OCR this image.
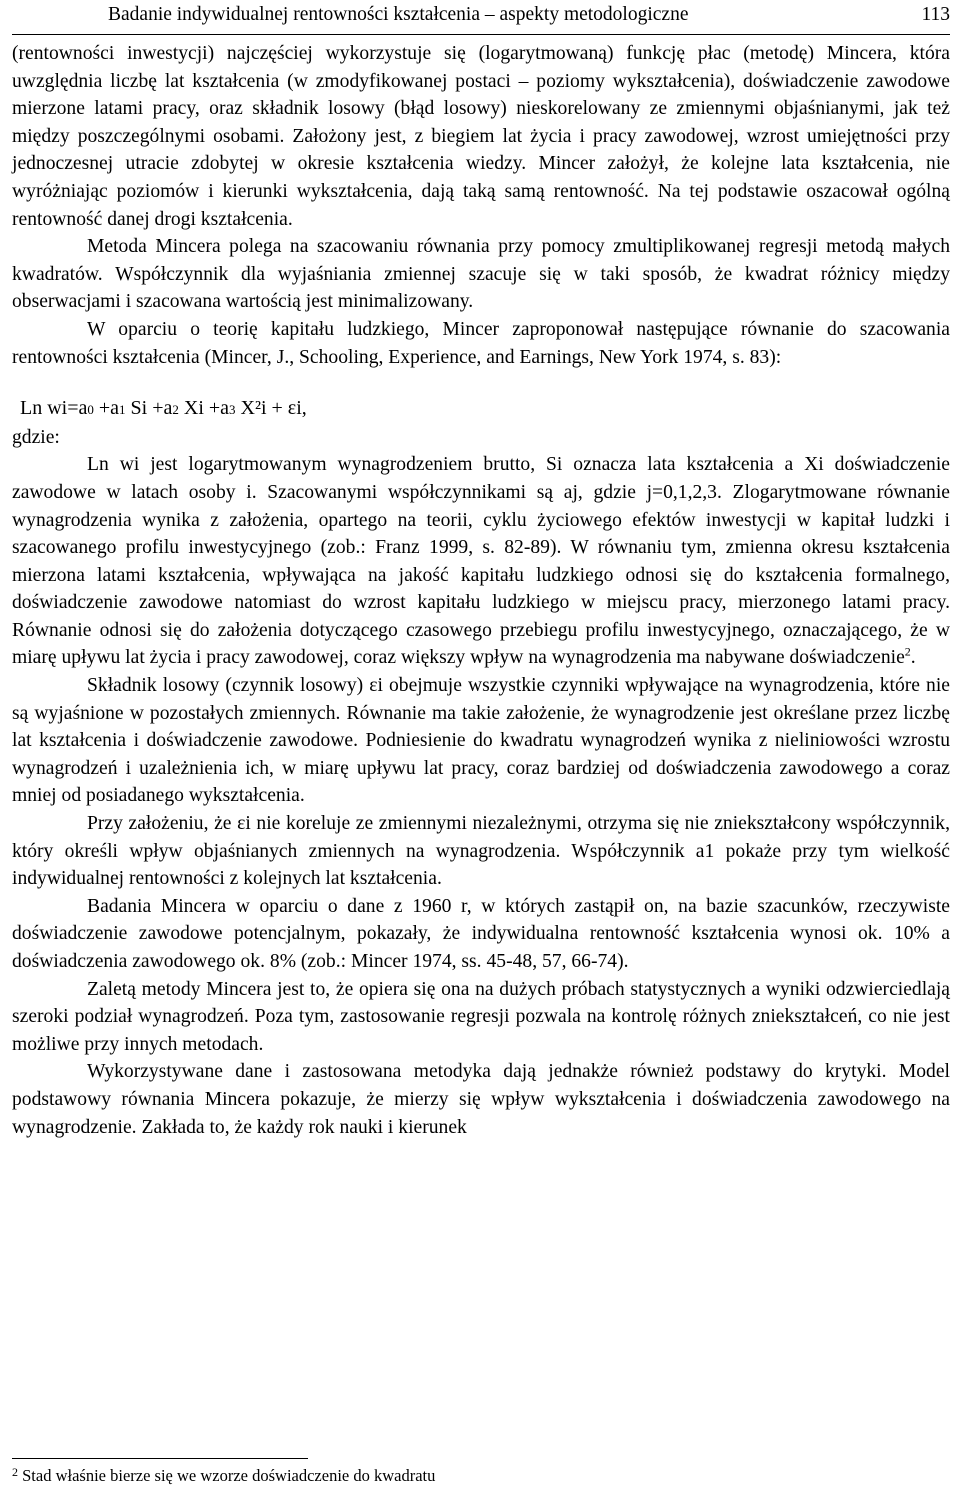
Badanie indywidualnej rentowności kształcenia – aspekty metodologiczne	113

(rentowności inwestycji) najczęściej wykorzystuje się (logarytmowaną) funkcję płac (metodę) Mincera, która uwzględnia liczbę lat kształcenia (w zmodyfikowanej postaci – poziomy wykształcenia), doświadczenie zawodowe mierzone latami pracy, oraz składnik losowy (błąd losowy) nieskorelowany ze zmiennymi objaśnianymi, jak też między poszczególnymi osobami. Założony jest, z biegiem lat życia i pracy zawodowej, wzrost umiejętności przy jednoczesnej utracie zdobytej w okresie kształcenia wiedzy. Mincer założył, że kolejne lata kształcenia, nie wyróżniając poziomów i kierunki wykształcenia, dają taką samą rentowność. Na tej podstawie oszacował ogólną rentowność danej drogi kształcenia.

Metoda Mincera polega na szacowaniu równania przy pomocy zmultiplikowanej regresji metodą małych kwadratów. Współczynnik dla wyjaśniania zmiennej szacuje się w taki sposób, że kwadrat różnicy między obserwacjami i szacowana wartością jest minimalizowany.

W oparciu o teorię kapitału ludzkiego, Mincer zaproponował następujące równanie do szacowania rentowności kształcenia (Mincer, J., Schooling, Experience, and Earnings, New York 1974, s. 83):

Ln wi=a0 +a1 Si +a2 Xi +a3 X²i + εi,

gdzie:

Ln wi jest logarytmowanym wynagrodzeniem brutto, Si oznacza lata kształcenia a Xi doświadczenie zawodowe w latach osoby i. Szacowanymi współczynnikami są aj, gdzie j=0,1,2,3. Zlogarytmowane równanie wynagrodzenia wynika z założenia, opartego na teorii, cyklu życiowego efektów inwestycji w kapitał ludzki i szacowanego profilu inwestycyjnego (zob.: Franz 1999, s. 82-89). W równaniu tym, zmienna okresu kształcenia mierzona latami kształcenia, wpływająca na jakość kapitału ludzkiego odnosi się do kształcenia formalnego, doświadczenie zawodowe natomiast do wzrost kapitału ludzkiego w miejscu pracy, mierzonego latami pracy. Równanie odnosi się do założenia dotyczącego czasowego przebiegu profilu inwestycyjnego, oznaczającego, że w miarę upływu lat życia i pracy zawodowej, coraz większy wpływ na wynagrodzenia ma nabywane doświadczenie$^2$.

Składnik losowy (czynnik losowy) εi obejmuje wszystkie czynniki wpływające na wynagrodzenia, które nie są wyjaśnione w pozostałych zmiennych. Równanie ma takie założenie, że wynagrodzenie jest określane przez liczbę lat kształcenia i doświadczenie zawodowe. Podniesienie do kwadratu wynagrodzeń wynika z nieliniowości wzrostu wynagrodzeń i uzależnienia ich, w miarę upływu lat pracy, coraz bardziej od doświadczenia zawodowego a coraz mniej od posiadanego wykształcenia.

Przy założeniu, że εi nie koreluje ze zmiennymi niezależnymi, otrzyma się nie zniekształcony współczynnik, który określi wpływ objaśnianych zmiennych na wynagrodzenia. Współczynnik a1 pokaże przy tym wielkość indywidualnej rentowności z kolejnych lat kształcenia.

Badania Mincera w oparciu o dane z 1960 r, w których zastąpił on, na bazie szacunków, rzeczywiste doświadczenie zawodowe potencjalnym, pokazały, że indywidualna rentowność kształcenia wynosi ok. 10% a doświadczenia zawodowego ok. 8% (zob.: Mincer 1974, ss. 45-48, 57, 66-74).

Zaletą metody Mincera jest to, że opiera się ona na dużych próbach statystycznych a wyniki odzwierciedlają szeroki podział wynagrodzeń. Poza tym, zastosowanie regresji pozwala na kontrolę różnych zniekształceń, co nie jest możliwe przy innych metodach.

Wykorzystywane dane i zastosowana metodyka dają jednakże również podstawy do krytyki. Model podstawowy równania Mincera pokazuje, że mierzy się wpływ wykształcenia i doświadczenia zawodowego na wynagrodzenie. Zakłada to, że każdy rok nauki i kierunek

$^2$ Stad właśnie bierze się we wzorze doświadczenie do kwadratu
